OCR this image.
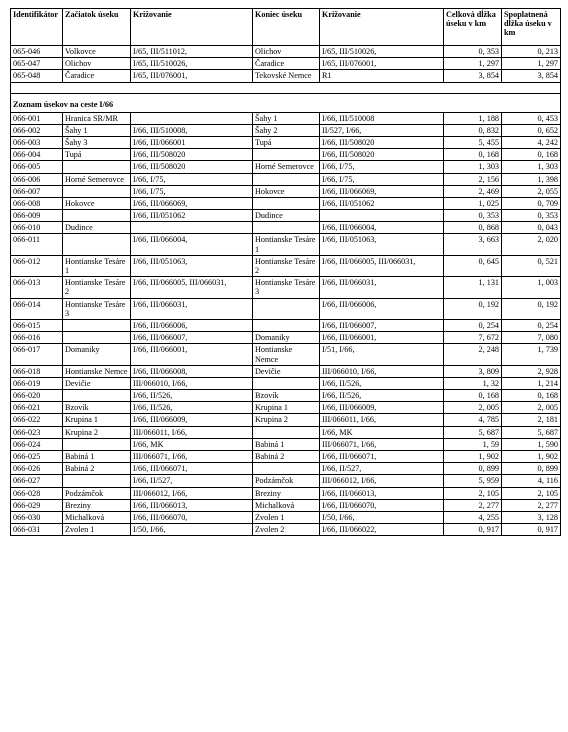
Identifikátor	Začiatok úseku	Križovanie	Koniec úseku	Križovanie	Celková dĺžka úseku v km	Spoplatnená dĺžka úseku v km
065-046	Volkovce	I/65, III/511012,	Olichov	I/65, III/510026,	0, 353	0, 213
065-047	Olichov	I/65, III/510026,	Čaradice	I/65, III/076001,	1, 297	1, 297
065-048	Čaradice	I/65, III/076001,	Tekovské Nemce	R1	3, 854	3, 854

Zoznam úsekov na ceste I/66						
066-001	Hranica SR/MR		Šahy 1	I/66, III/510008	1, 188	0, 453
066-002	Šahy 1	I/66, III/510008,	Šahy 2	II/527, I/66,	0, 832	0, 652
066-003	Šahy 3	I/66, III/066001	Tupá	I/66, III/508020	5, 455	4, 242
066-004	Tupá	I/66, III/508020		I/66, III/508020	0, 168	0, 168
066-005		I/66, III/508020	Horné Semerovce	I/66, I/75,	1, 303	1, 303
066-006	Horné Semerovce	I/66, I/75,		I/66, I/75,	2, 156	1, 398
066-007		I/66, I/75,	Hokovce	I/66, III/066069,	2, 469	2, 055
066-008	Hokovce	I/66, III/066069,		I/66, III/051062	1, 025	0, 709
066-009		I/66, III/051062	Dudince		0, 353	0, 353
066-010	Dudince			I/66, III/066004,	0, 868	0, 043
066-011		I/66, III/066004,	Hontianske Tesáre 1	I/66, III/051063,	3, 663	2, 020
066-012	Hontianske Tesáre 1	I/66, III/051063,	Hontianske Tesáre 2	I/66, III/066005, III/066031,	0, 645	0, 521
066-013	Hontianske Tesáre 2	I/66, III/066005, III/066031,	Hontianske Tesáre 3	I/66, III/066031,	1, 131	1, 003
066-014	Hontianske Tesáre 3	I/66, III/066031,		I/66, III/066006,	0, 192	0, 192
066-015		I/66, III/066006,		I/66, III/066007,	0, 254	0, 254
066-016		I/66, III/066007,	Domaniky	I/66, III/066001,	7, 672	7, 080
066-017	Domaniky	I/66, III/066001,	Hontianske Nemce	I/51, I/66,	2, 248	1, 739
066-018	Hontianske Nemce	I/66, III/066008,	Devičie	III/066010, I/66,	3, 809	2, 928
066-019	Devičie	III/066010, I/66,		I/66, II/526,	1, 32	1, 214
066-020		I/66, II/526,	Bzovík	I/66, II/526,	0, 168	0, 168
066-021	Bzovík	I/66, II/526,	Krupina 1	I/66, III/066009,	2, 005	2, 005
066-022	Krupina 1	I/66, III/066009,	Krupina 2	III/066011, I/66,	4, 785	2, 181
066-023	Krupina 2	III/066011, I/66,		I/66, MK	5, 687	5, 687
066-024		I/66, MK	Babiná 1	III/066071, I/66,	1, 59	1, 590
066-025	Babiná 1	III/066071, I/66,	Babiná 2	I/66, III/066071,	1, 902	1, 902
066-026	Babiná 2	I/66, III/066071,		I/66, II/527,	0, 899	0, 899
066-027		I/66, II/527,	Podzámčok	III/066012, I/66,	5, 959	4, 116
066-028	Podzámčok	III/066012, I/66,	Breziny	I/66, III/066013,	2, 105	2, 105
066-029	Breziny	I/66, III/066013,	Michalková	I/66, III/066070,	2, 277	2, 277
066-030	Michalková	I/66, III/066070,	Zvolen 1	I/50, I/66,	4, 255	3, 128
066-031	Zvolen 1	I/50, I/66,	Zvolen 2	I/66, III/066022,	0, 917	0, 917
